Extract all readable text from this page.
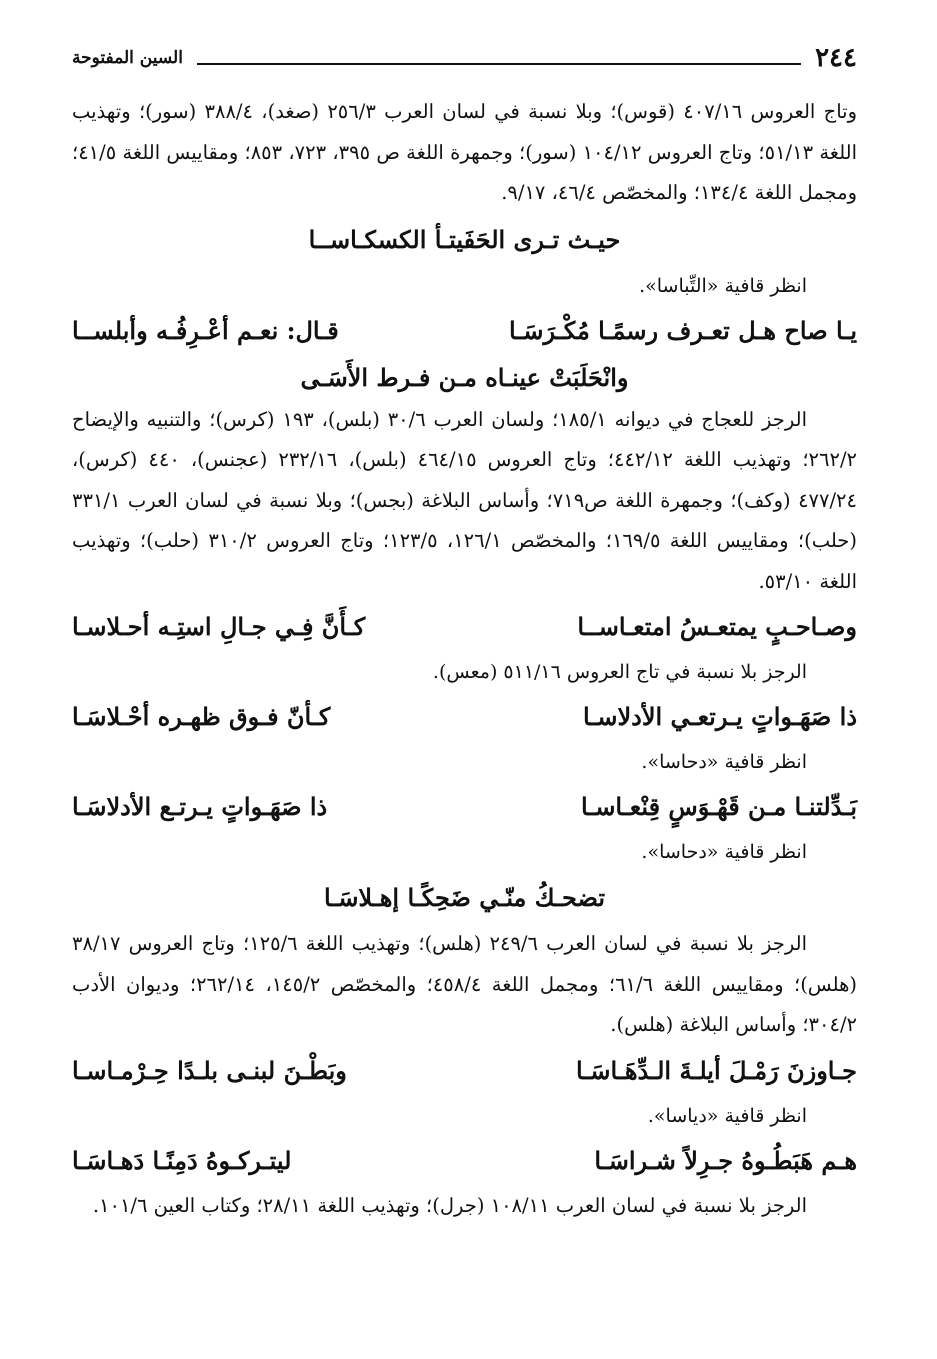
٢٤٤
السين المفتوحة

وتاج العروس ٤٠٧/١٦ (قوس)؛ وبلا نسبة في لسان العرب ٢٥٦/٣ (صغد)، ٣٨٨/٤ (سور)؛ وتهذيب اللغة ٥١/١٣؛ وتاج العروس ١٠٤/١٢ (سور)؛ وجمهرة اللغة ص ٣٩٥، ٧٢٣، ٨٥٣؛ ومقاييس اللغة ٤١/٥؛ ومجمل اللغة ١٣٤/٤؛ والمخصّص ٤٦/٤، ٩/١٧.

حيـث تـرى الحَفَيتـأ الكسكـاســا

انظر قافية «التِّباسا».

يـا صاح هـل تعـرف رسمًـا مُكْـرَسَـا
قـال: نعـم أعْـرِفُـه وأبلســا

وانْحَلَبَتْ عينـاه مـن فـرط الأَسَـى

الرجز للعجاج في ديوانه ١٨٥/١؛ ولسان العرب ٣٠/٦ (بلس)، ١٩٣ (كرس)؛ والتنبيه والإيضاح ٢٦٢/٢؛ وتهذيب اللغة ٤٤٢/١٢؛ وتاج العروس ٤٦٤/١٥ (بلس)، ٢٣٢/١٦ (عجنس)، ٤٤٠ (كرس)، ٤٧٧/٢٤ (وكف)؛ وجمهرة اللغة ص٧١٩؛ وأساس البلاغة (بجس)؛ وبلا نسبة في لسان العرب ٣٣١/١ (حلب)؛ ومقاييس اللغة ١٦٩/٥؛ والمخصّص ١٢٦/١، ١٢٣/٥؛ وتاج العروس ٣١٠/٢ (حلب)؛ وتهذيب اللغة ٥٣/١٠.

وصـاحـبٍ يمتعـسُ امتعـاســا
كـأَنَّ فِـي جـالِ استِـه أحـلاسـا

الرجز بلا نسبة في تاج العروس ٥١١/١٦ (معس).

ذا صَهَـواتٍ يـرتعـي الأدلاسـا
كـأنّ فـوق ظهـره أحْـلاسَـا

انظر قافية «دحاسا».

بَـدِّلتنـا مـن قَهْـوَسٍ قِنْعـاسـا
ذا صَهَـواتٍ يـرتـع الأدلاسَـا

انظر قافية «دحاسا».

تضحـكُ منّـي ضَحِكًـا إهـلاسَـا

الرجز بلا نسبة في لسان العرب ٢٤٩/٦ (هلس)؛ وتهذيب اللغة ١٢٥/٦؛ وتاج العروس ٣٨/١٧ (هلس)؛ ومقاييس اللغة ٦١/٦؛ ومجمل اللغة ٤٥٨/٤؛ والمخصّص ١٤٥/٢، ٢٦٢/١٤؛ وديوان الأدب ٣٠٤/٢؛ وأساس البلاغة (هلس).

جـاوزنَ رَمْـلَ أيلـةَ الـدِّهَـاسَـا
وبَطْـنَ لبنـى بلـدًا حِـرْمـاسـا

انظر قافية «دياسا».

هـم هَبَطُـوهُ جـرِلاً شـراسَـا
ليتـركـوهُ دَمِنًـا دَهـاسَـا

الرجز بلا نسبة في لسان العرب ١٠٨/١١ (جرل)؛ وتهذيب اللغة ٢٨/١١؛ وكتاب العين ١٠١/٦.
